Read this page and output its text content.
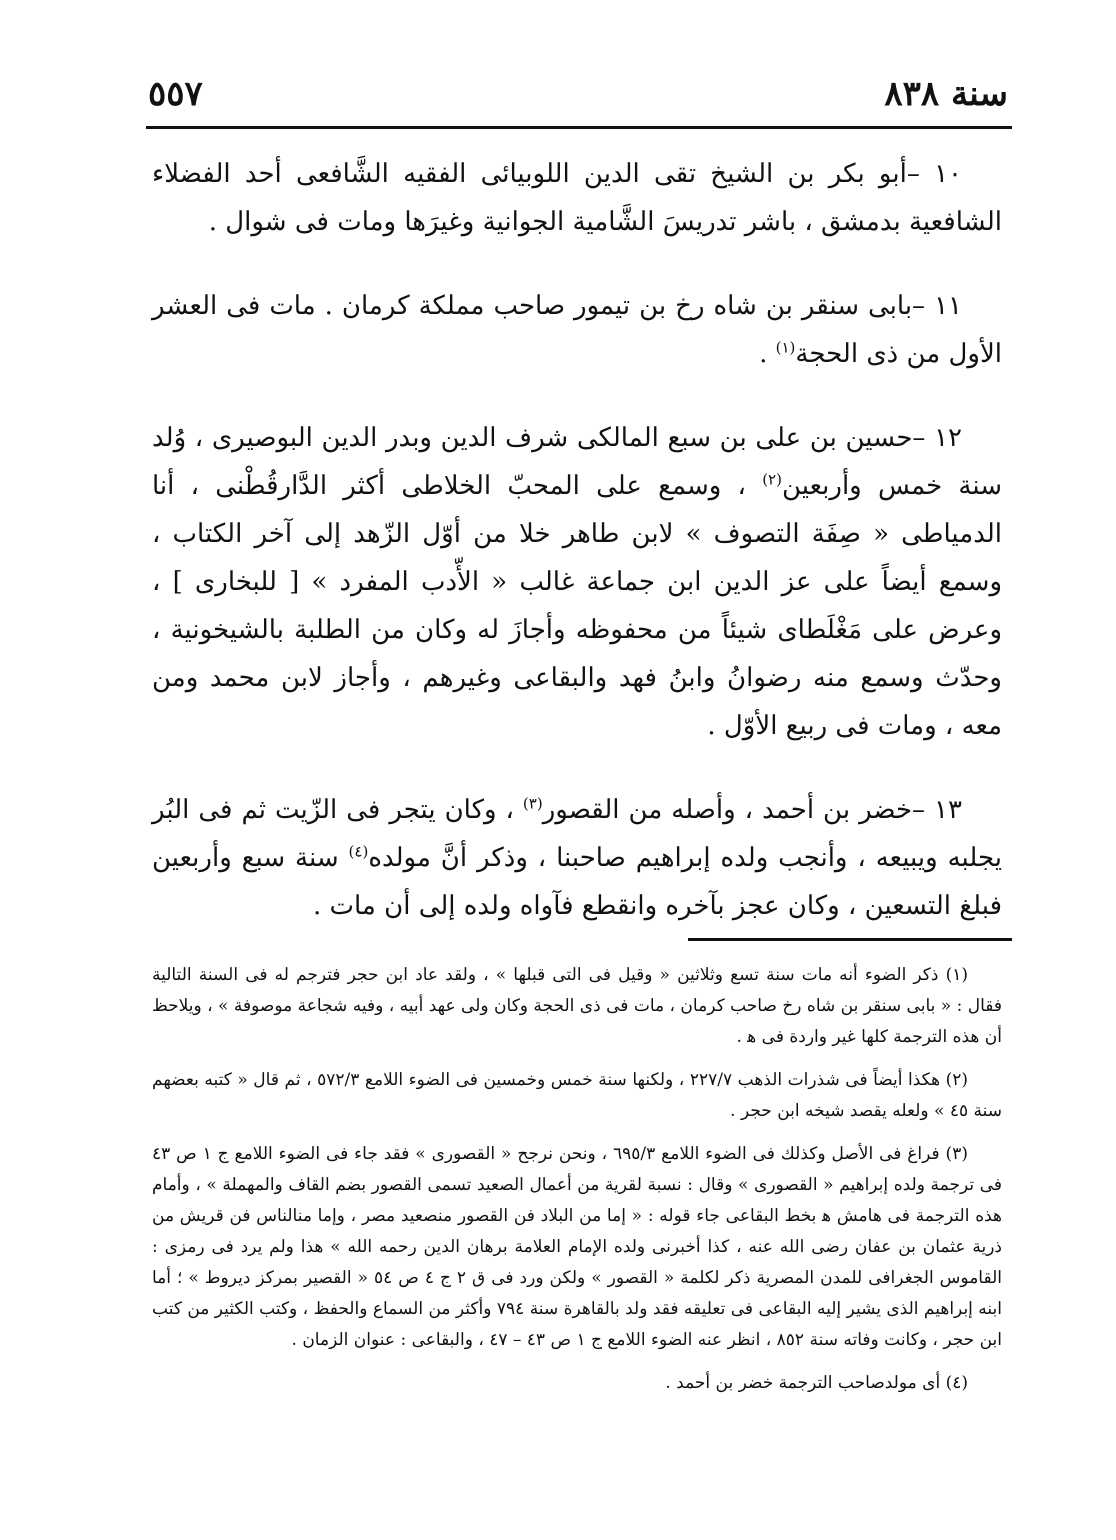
سنة ٨٣٨
٥٥٧

١٠ –أبو بكر بن الشيخ تقى الدين اللوبيائى الفقيه الشَّافعى أحد الفضلاء الشافعية بدمشق ، باشر تدريسَ الشَّامية الجوانية وغيرَها ومات فى شوال .

١١ –بابى سنقر بن شاه رخ بن تيمور صاحب مملكة كرمان . مات فى العشر الأول من ذى الحجة$^{(١)}$ .

١٢ –حسين بن على بن سبع المالكى شرف الدين وبدر الدين البوصيرى ، وُلد سنة خمس وأربعين$^{(٢)}$ ، وسمع على المحبّ الخلاطى أكثر الدَّارقُطْنى ، أنا الدمياطى « صِفَة التصوف » لابن طاهر خلا من أوّل الزّهد إلى آخر الكتاب ، وسمع أيضاً على عز الدين ابن جماعة غالب « الأّدب المفرد » [ للبخارى ] ، وعرض على مَغْلَطاى شيئاً من محفوظه وأجازَ له وكان من الطلبة بالشيخونية ، وحدّث وسمع منه رضوانُ وابنُ فهد والبقاعى وغيرهم ، وأجاز لابن محمد ومن معه ، ومات فى ربيع الأوّل .

١٣ –خضر بن أحمد ، وأصله من القصور$^{(٣)}$ ، وكان يتجر فى الزّيت ثم فى البُر يجلبه ويبيعه ، وأنجب ولده إبراهيم صاحبنا ، وذكر أنَّ مولده$^{(٤)}$ سنة سبع وأربعين فبلغ التسعين ، وكان عجز بآخره وانقطع فآواه ولده إلى أن مات .

(١) ذكر الضوء أنه مات سنة تسع وثلاثين « وقيل فى التى قبلها » ، ولقد عاد ابن حجر فترجم له فى السنة التالية فقال : « بابى سنقر بن شاه رخ صاحب كرمان ، مات فى ذى الحجة وكان ولى عهد أبيه ، وفيه شجاعة موصوفة » ، ويلاحظ أن هذه الترجمة كلها غير واردة فى ﻫ .

(٢) هكذا أيضاً فى شذرات الذهب ٢٢٧/٧ ، ولكنها سنة خمس وخمسين فى الضوء اللامع ٥٧٢/٣ ، ثم قال « كتبه بعضهم سنة ٤٥ » ولعله يقصد شيخه ابن حجر .

(٣) فراغ فى الأصل وكذلك فى الضوء اللامع ٦٩٥/٣ ، ونحن نرجح « القصورى » فقد جاء فى الضوء اللامع ج ١ ص ٤٣ فى ترجمة ولده إبراهيم « القصورى » وقال : نسبة لقرية من أعمال الصعيد تسمى القصور بضم القاف والمهملة » ، وأمام هذه الترجمة فى هامش ﻫ بخط البقاعى جاء قوله : « إما من البلاد فن القصور منصعيد مصر ، وإما منالناس فن قريش من ذرية عثمان بن عفان رضى الله عنه ، كذا أخبرنى ولده الإمام العلامة برهان الدين رحمه الله » هذا ولم يرد فى رمزى : القاموس الجغرافى للمدن المصرية ذكر لكلمة « القصور » ولكن ورد فى ق ٢ ج ٤ ص ٥٤ « القصير بمركز ديروط » ؛ أما ابنه إبراهيم الذى يشير إليه البقاعى فى تعليقه فقد ولد بالقاهرة سنة ٧٩٤ وأكثر من السماع والحفظ ، وكتب الكثير من كتب ابن حجر ، وكانت وفاته سنة ٨٥٢ ، انظر عنه الضوء اللامع ج ١ ص ٤٣ – ٤٧ ، والبقاعى : عنوان الزمان .

(٤) أى مولدصاحب الترجمة خضر بن أحمد .
